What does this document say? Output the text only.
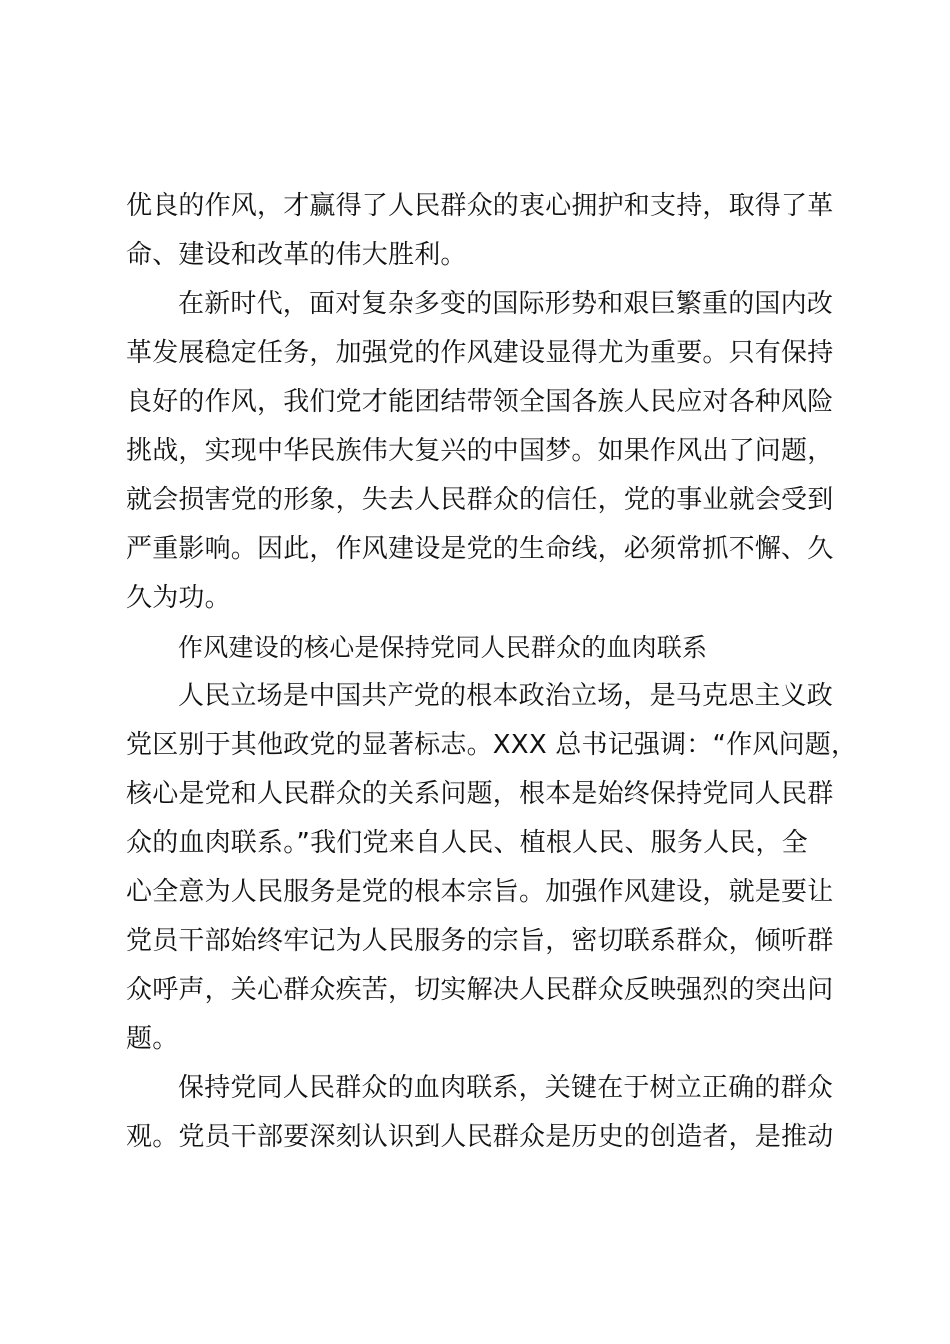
优良的作风，才赢得了人民群众的衷心拥护和支持，取得了革
命、建设和改革的伟大胜利。
在新时代，面对复杂多变的国际形势和艰巨繁重的国内改
革发展稳定任务，加强党的作风建设显得尤为重要。只有保持
良好的作风，我们党才能团结带领全国各族人民应对各种风险
挑战，实现中华民族伟大复兴的中国梦。如果作风出了问题，
就会损害党的形象，失去人民群众的信任，党的事业就会受到
严重影响。因此，作风建设是党的生命线，必须常抓不懈、久
久为功。
作风建设的核心是保持党同人民群众的血肉联系
人民立场是中国共产党的根本政治立场，是马克思主义政
党区别于其他政党的显著标志。XXX 总书记强调：“作风问题，
核心是党和人民群众的关系问题，根本是始终保持党同人民群
众的血肉联系。”我们党来自人民、植根人民、服务人民，全
心全意为人民服务是党的根本宗旨。加强作风建设，就是要让
党员干部始终牢记为人民服务的宗旨，密切联系群众，倾听群
众呼声，关心群众疾苦，切实解决人民群众反映强烈的突出问
题。
保持党同人民群众的血肉联系，关键在于树立正确的群众
观。党员干部要深刻认识到人民群众是历史的创造者，是推动
